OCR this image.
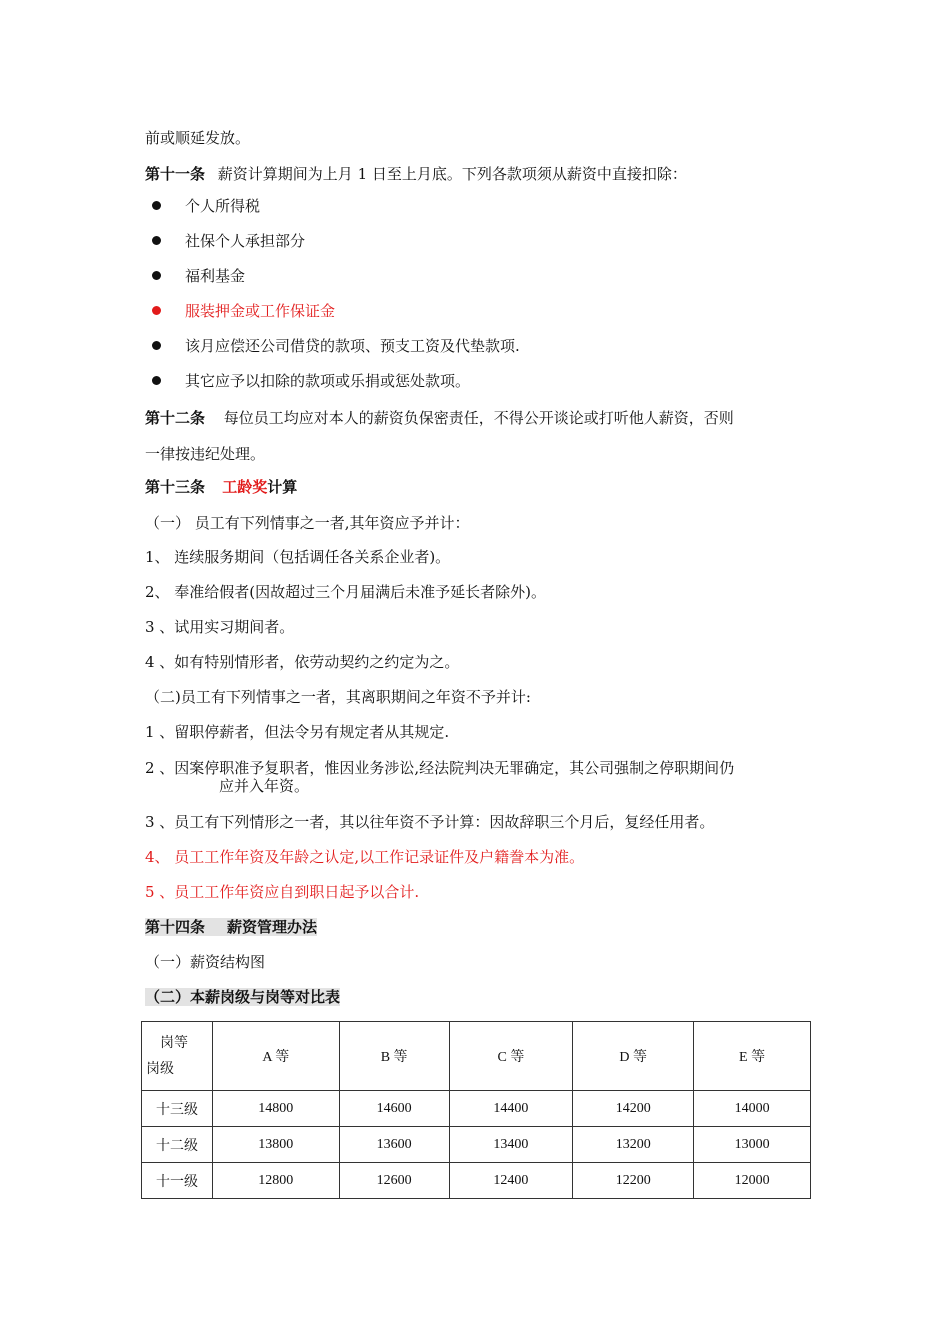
前或顺延发放。
第十一条 薪资计算期间为上月 1 日至上月底。下列各款项须从薪资中直接扣除：
个人所得税
社保个人承担部分
福利基金
服装押金或工作保证金
该月应偿还公司借贷的款项、预支工资及代垫款项.
其它应予以扣除的款项或乐捐或惩处款项。
第十二条 每位员工均应对本人的薪资负保密责任，不得公开谈论或打听他人薪资，否则
一律按违纪处理。
第十三条 工龄奖计算
（一） 员工有下列情事之一者,其年资应予并计：
1、 连续服务期间（包括调任各关系企业者)。
2、 奉准给假者(因故超过三个月届满后未准予延长者除外)。
3 、试用实习期间者。
4 、如有特别情形者，依劳动契约之约定为之。
（二)员工有下列情事之一者，其离职期间之年资不予并计:
1 、留职停薪者，但法令另有规定者从其规定.
2 、因案停职准予复职者，惟因业务涉讼,经法院判决无罪确定，其公司强制之停职期间仍
应并入年资。
3 、员工有下列情形之一者，其以往年资不予计算：因故辞职三个月后，复经任用者。
4、 员工工作年资及年龄之认定,以工作记录证件及户籍誊本为准。
5 、员工工作年资应自到职日起予以合计.
第十四条 薪资管理办法
（一）薪资结构图
（二）本薪岗级与岗等对比表
岗等
岗级	A 等	B 等	C 等	D 等	E 等
十三级	14800	14600	14400	14200	14000
十二级	13800	13600	13400	13200	13000
十一级	12800	12600	12400	12200	12000
